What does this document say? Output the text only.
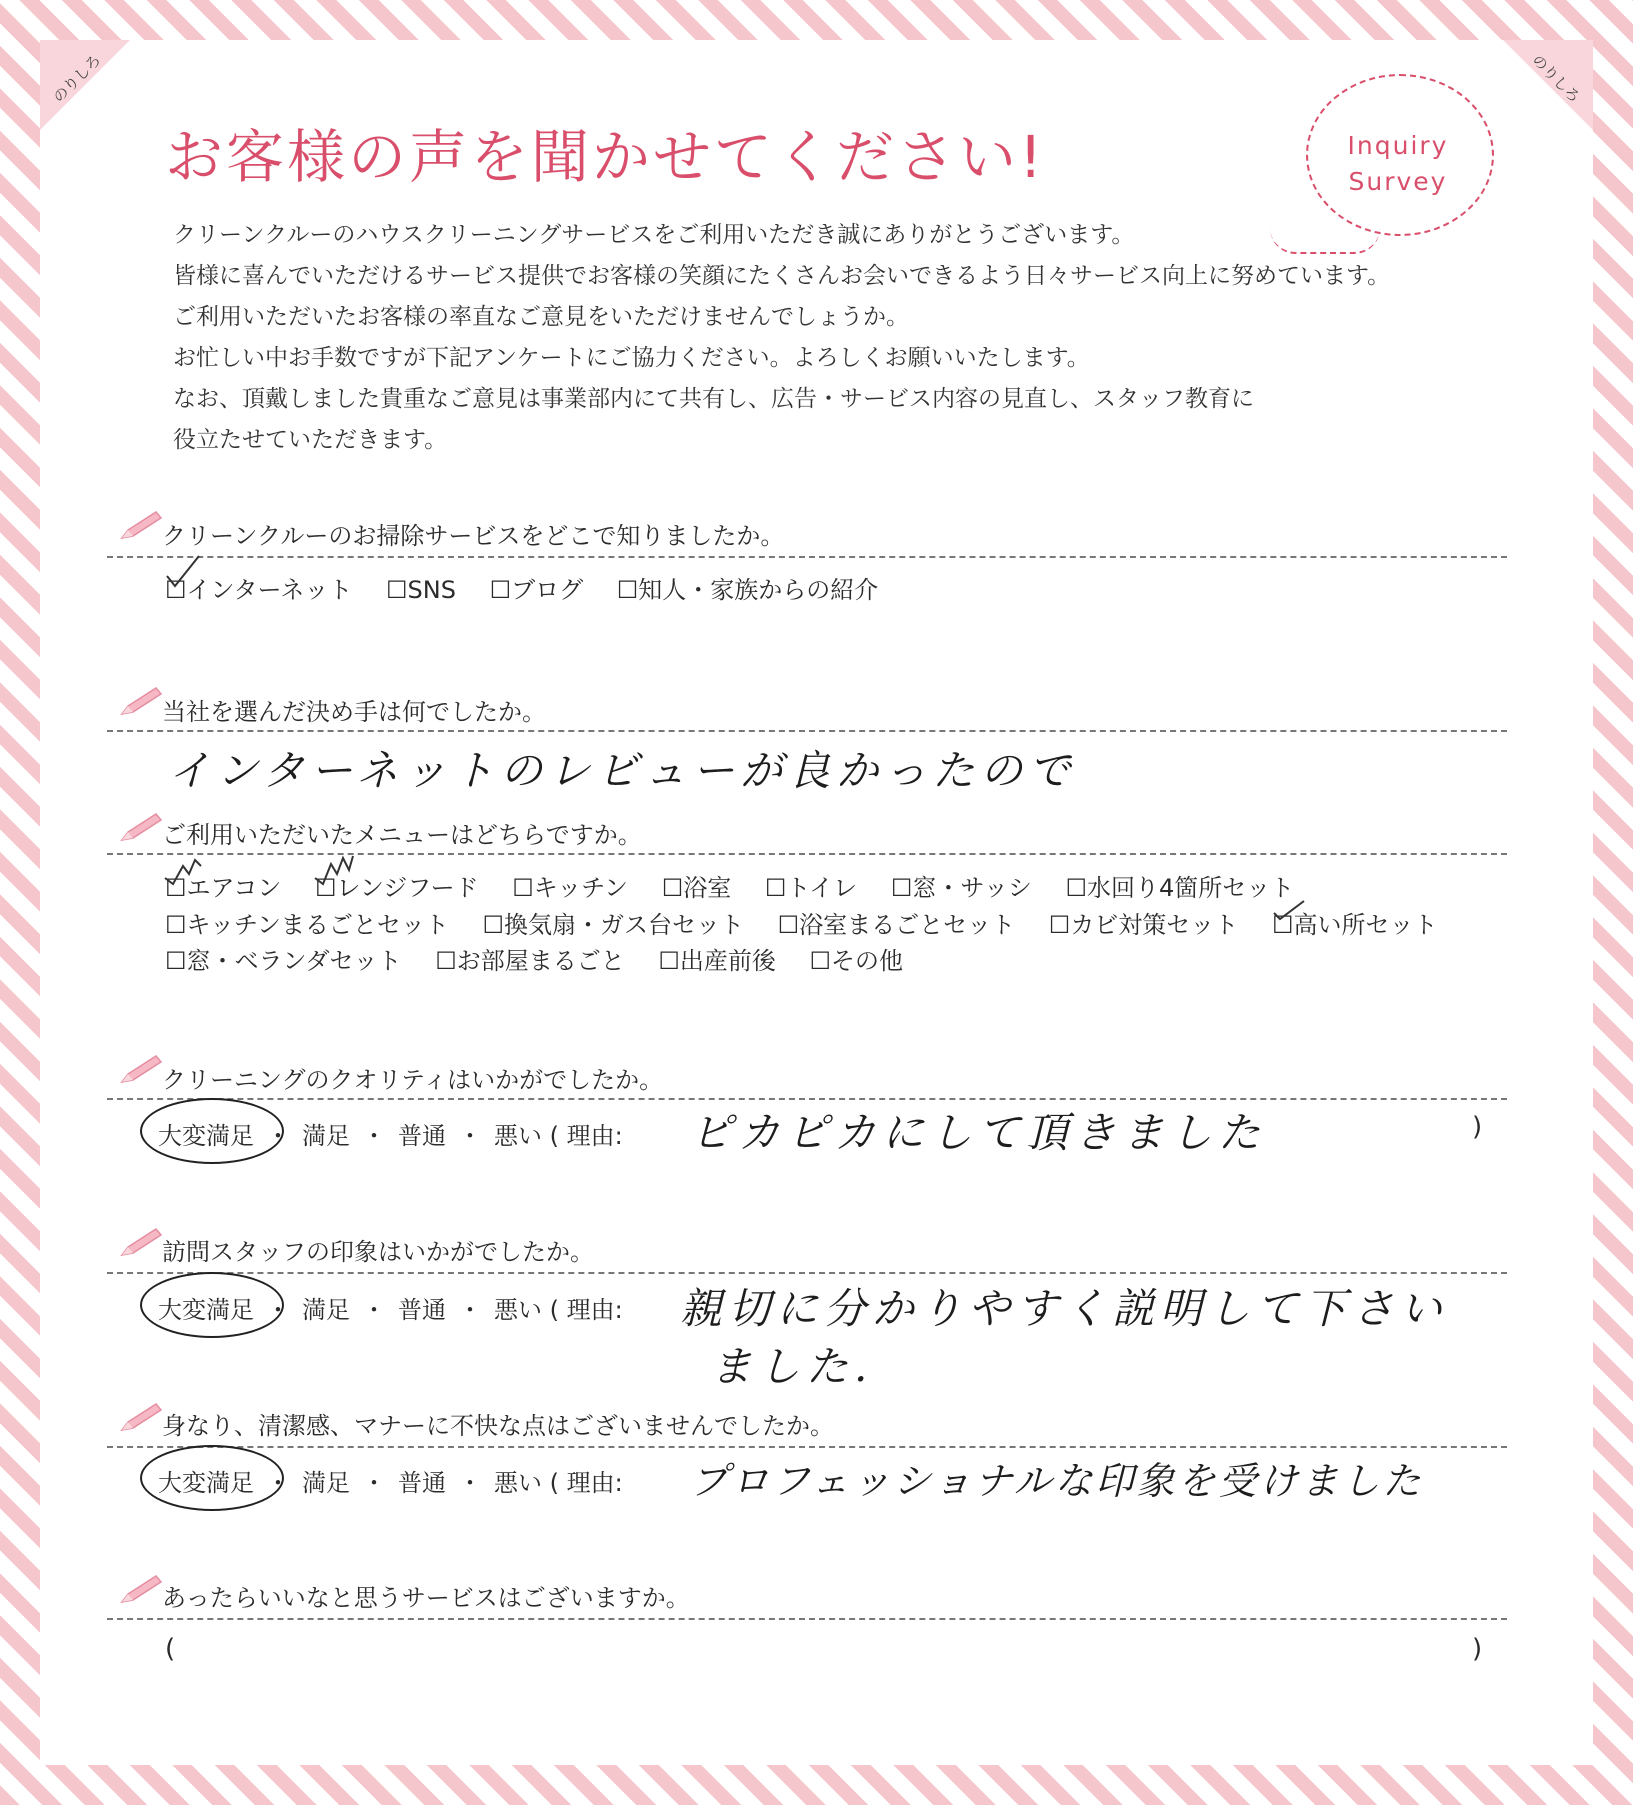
のりしろ	のりしろ
お客様の声を聞かせてください!	Inquiry
Survey
クリーンクルーのハウスクリーニングサービスをご利用いただき誠にありがとうございます。
皆様に喜んでいただけるサービス提供でお客様の笑顔にたくさんお会いできるよう日々サービス向上に努めています。
ご利用いただいたお客様の率直なご意見をいただけませんでしょうか。
お忙しい中お手数ですが下記アンケートにご協力ください。よろしくお願いいたします。
なお、頂戴しました貴重なご意見は事業部内にて共有し、広告・サービス内容の見直し、スタッフ教育に
役立たせていただきます。
クリーンクルーのお掃除サービスをどこで知りましたか。
☐インターネット ☐SNS ☐ブログ ☐知人・家族からの紹介
当社を選んだ決め手は何でしたか。
インターネットのレビューが良かったので
ご利用いただいたメニューはどちらですか。
☐エアコン ☐レンジフード ☐キッチン ☐浴室 ☐トイレ ☐窓・サッシ ☐水回り4箇所セット
☐キッチンまるごとセット ☐換気扇・ガス台セット ☐浴室まるごとセット ☐カビ対策セット ☐高い所セット
☐窓・ベランダセット ☐お部屋まるごと ☐出産前後 ☐その他
クリーニングのクオリティはいかがでしたか。
大変満足 ・ 満足 ・ 普通 ・ 悪い ( 理由: ピカピカにして頂きました	)
訪問スタッフの印象はいかがでしたか。
大変満足 ・ 満足 ・ 普通 ・ 悪い ( 理由: 親切に分かりやすく説明して下さい
ました.
身なり、清潔感、マナーに不快な点はございませんでしたか。
大変満足 ・ 満足 ・ 普通 ・ 悪い ( 理由: プロフェッショナルな印象を受けました
あったらいいなと思うサービスはございますか。
(	)
